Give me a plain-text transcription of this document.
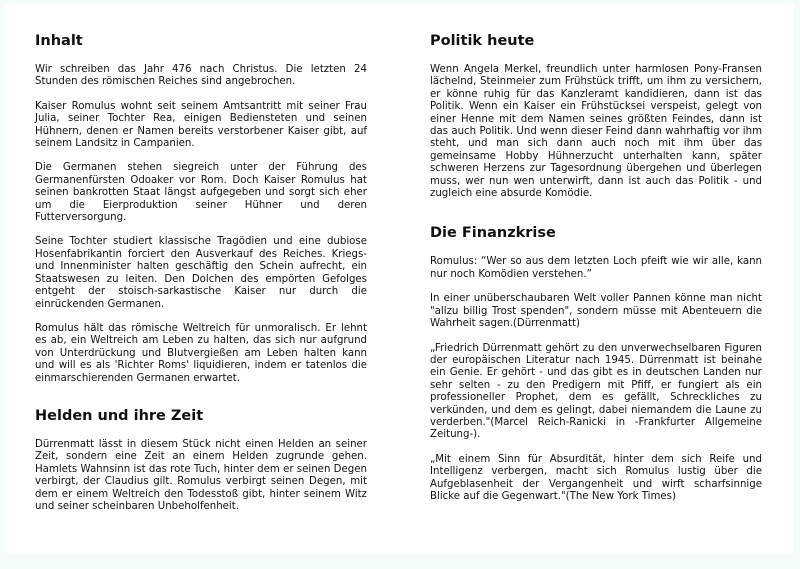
Inhalt

Wir schreiben das Jahr 476 nach Christus. Die letzten 24 Stunden des römischen Reiches sind angebrochen.

Kaiser Romulus wohnt seit seinem Amtsantritt mit seiner Frau Julia, seiner Tochter Rea, einigen Bediensteten und seinen Hühnern, denen er Namen bereits verstorbener Kaiser gibt, auf seinem Landsitz in Campanien.

Die Germanen stehen siegreich unter der Führung des Germanenfürsten Odoaker vor Rom. Doch Kaiser Romulus hat seinen bankrotten Staat längst aufgegeben und sorgt sich eher um die Eierproduktion seiner Hühner und deren Futterversorgung.

Seine Tochter studiert klassische Tragödien und eine dubiose Hosenfabrikantin forciert den Ausverkauf des Reiches. Kriegs- und Innenminister halten geschäftig den Schein aufrecht, ein Staatswesen zu leiten. Den Dolchen des empörten Gefolges entgeht der stoisch-sarkastische Kaiser nur durch die einrückenden Germanen.

Romulus hält das römische Weltreich für unmoralisch. Er lehnt es ab, ein Weltreich am Leben zu halten, das sich nur aufgrund von Unterdrückung und Blutvergießen am Leben halten kann und will es als 'Richter Roms' liquidieren, indem er tatenlos die einmarschierenden Germanen erwartet.

Helden und ihre Zeit

Dürrenmatt lässt in diesem Stück nicht einen Helden an seiner Zeit, sondern eine Zeit an einem Helden zugrunde gehen. Hamlets Wahnsinn ist das rote Tuch, hinter dem er seinen Degen verbirgt, der Claudius gilt. Romulus verbirgt seinen Degen, mit dem er einem Weltreich den Todesstoß gibt, hinter seinem Witz und seiner scheinbaren Unbeholfenheit.

Politik heute

Wenn Angela Merkel, freundlich unter harmlosen Pony-Fransen lächelnd, Steinmeier zum Frühstück trifft, um ihm zu versichern, er könne ruhig für das Kanzleramt kandidieren, dann ist das Politik. Wenn ein Kaiser ein Frühstücksei verspeist, gelegt von einer Henne mit dem Namen seines größten Feindes, dann ist das auch Politik. Und wenn dieser Feind dann wahrhaftig vor ihm steht, und man sich dann auch noch mit ihm über das gemeinsame Hobby Hühnerzucht unterhalten kann, später schweren Herzens zur Tagesordnung übergehen und überlegen muss, wer nun wen unterwirft, dann ist auch das Politik - und zugleich eine absurde Komödie.

Die Finanzkrise

Romulus: “Wer so aus dem letzten Loch pfeift wie wir alle, kann nur noch Komödien verstehen.”

In einer unüberschaubaren Welt voller Pannen könne man nicht "allzu billig Trost spenden", sondern müsse mit Abenteuern die Wahrheit sagen.(Dürrenmatt)

„Friedrich Dürrenmatt gehört zu den unverwechselbaren Figuren der europäischen Literatur nach 1945. Dürrenmatt ist beinahe ein Genie. Er gehört - und das gibt es in deutschen Landen nur sehr selten - zu den Predigern mit Pfiff, er fungiert als ein professioneller Prophet, dem es gefällt, Schreckliches zu verkünden, und dem es gelingt, dabei niemandem die Laune zu verderben."(Marcel Reich-Ranicki in -Frankfurter Allgemeine Zeitung-).

„Mit einem Sinn für Absurdität, hinter dem sich Reife und Intelligenz verbergen, macht sich Romulus lustig über die Aufgeblasenheit der Vergangenheit und wirft scharfsinnige Blicke auf die Gegenwart."(The New York Times)
